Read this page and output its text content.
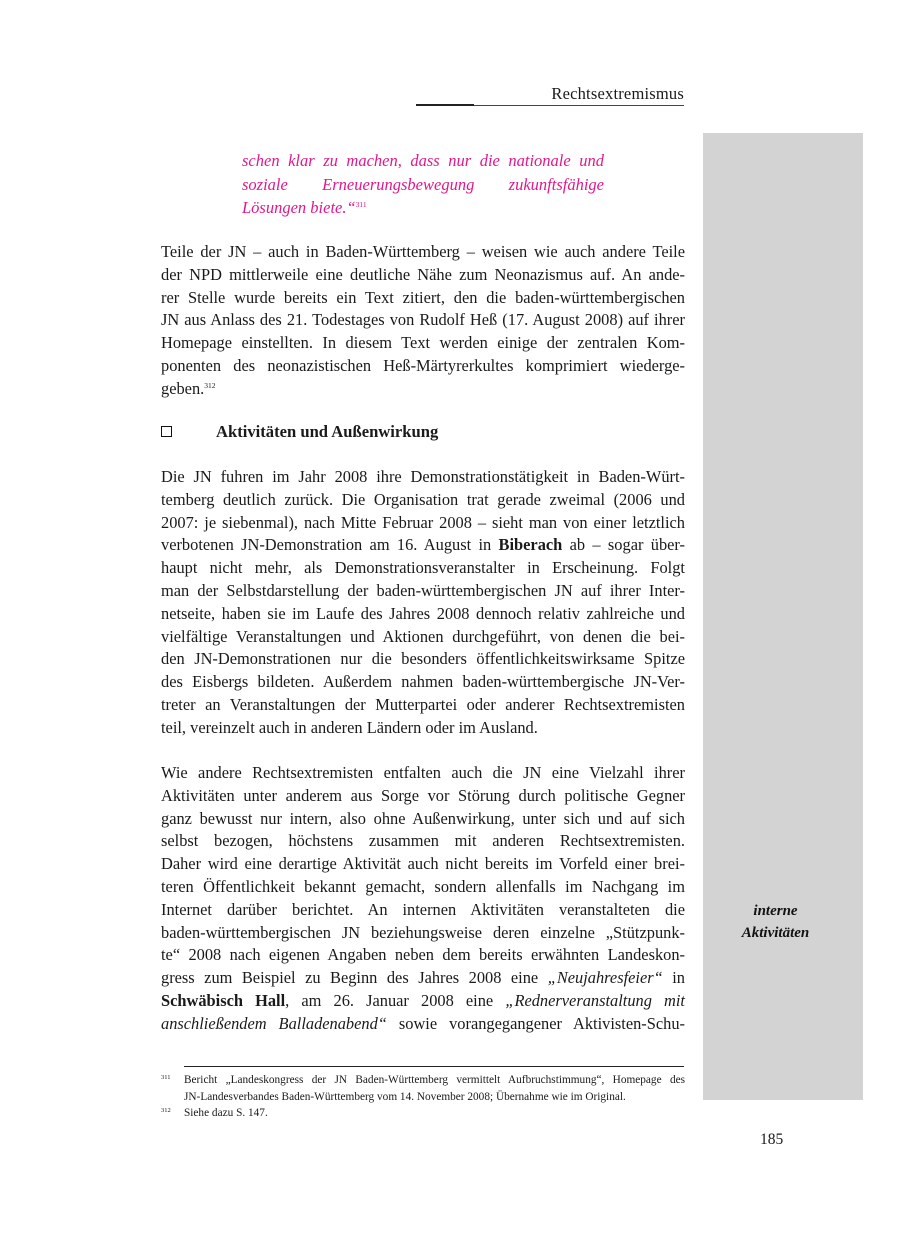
Rechtsextremismus
interne
Aktivitäten
schen klar zu machen, dass nur die nationale und
soziale Erneuerungsbewegung zukunftsfähige
Lösungen biete.“$^{311}$
Teile der JN – auch in Baden-Württemberg – weisen wie auch andere Teile
der NPD mittlerweile eine deutliche Nähe zum Neonazismus auf. An ande-
rer Stelle wurde bereits ein Text zitiert, den die baden-württembergischen
JN aus Anlass des 21. Todestages von Rudolf Heß (17. August 2008) auf ihrer
Homepage einstellten. In diesem Text werden einige der zentralen Kom-
ponenten des neonazistischen Heß-Märtyrerkultes komprimiert wiederge-
geben.$^{312}$
Aktivitäten und Außenwirkung
Die JN fuhren im Jahr 2008 ihre Demonstrationstätigkeit in Baden-Würt-
temberg deutlich zurück. Die Organisation trat gerade zweimal (2006 und
2007: je siebenmal), nach Mitte Februar 2008 – sieht man von einer letztlich
verbotenen JN-Demonstration am 16. August in Biberach ab – sogar über-
haupt nicht mehr, als Demonstrationsveranstalter in Erscheinung. Folgt
man der Selbstdarstellung der baden-württembergischen JN auf ihrer Inter-
netseite, haben sie im Laufe des Jahres 2008 dennoch relativ zahlreiche und
vielfältige Veranstaltungen und Aktionen durchgeführt, von denen die bei-
den JN-Demonstrationen nur die besonders öffentlichkeitswirksame Spitze
des Eisbergs bildeten. Außerdem nahmen baden-württembergische JN-Ver-
treter an Veranstaltungen der Mutterpartei oder anderer Rechtsextremisten
teil, vereinzelt auch in anderen Ländern oder im Ausland.
Wie andere Rechtsextremisten entfalten auch die JN eine Vielzahl ihrer
Aktivitäten unter anderem aus Sorge vor Störung durch politische Gegner
ganz bewusst nur intern, also ohne Außenwirkung, unter sich und auf sich
selbst bezogen, höchstens zusammen mit anderen Rechtsextremisten.
Daher wird eine derartige Aktivität auch nicht bereits im Vorfeld einer brei-
teren Öffentlichkeit bekannt gemacht, sondern allenfalls im Nachgang im
Internet darüber berichtet. An internen Aktivitäten veranstalteten die
baden-württembergischen JN beziehungsweise deren einzelne „Stützpunk-
te“ 2008 nach eigenen Angaben neben dem bereits erwähnten Landeskon-
gress zum Beispiel zu Beginn des Jahres 2008 eine „Neujahresfeier“ in
Schwäbisch Hall, am 26. Januar 2008 eine „Rednerveranstaltung mit
anschließendem Balladenabend“ sowie vorangegangener Aktivisten-Schu-
311 Bericht „Landeskongress der JN Baden-Württemberg vermittelt Aufbruchstimmung“, Homepage des
JN-Landesverbandes Baden-Württemberg vom 14. November 2008; Übernahme wie im Original.
312 Siehe dazu S. 147.
185
